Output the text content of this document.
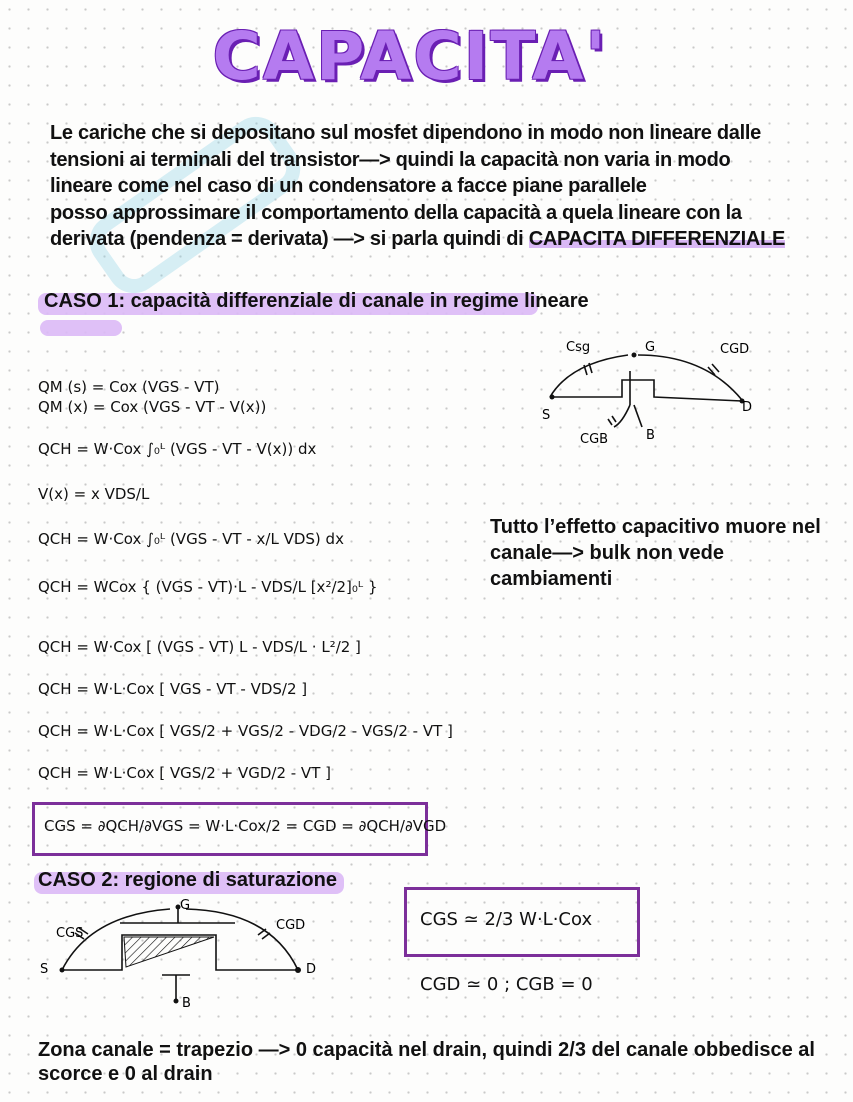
CAPACITA'

Le cariche che si depositano sul mosfet dipendono in modo non lineare dalle

tensioni ai terminali del transistor—> quindi la capacità non varia in modo

lineare come nel caso di un condensatore a facce piane parallele

posso approssimare il comportamento della capacità a quela lineare con la

derivata (pendenza = derivata) —> si parla quindi di CAPACITA DIFFERENZIALE

CASO 1: capacità differenziale di canale in regime lineare
Csg	G	CGD
S
D
CGB	B
QM (s) = Cox (VGS - VT)
QM (x) = Cox (VGS - VT - V(x))
QCH = W·Cox ∫₀ᴸ (VGS - VT - V(x)) dx
V(x) = x VDS/L
QCH = W·Cox ∫₀ᴸ (VGS - VT - x/L VDS) dx
QCH = WCox { (VGS - VT)·L - VDS/L [x²/2]₀ᴸ }
QCH = W·Cox [ (VGS - VT) L - VDS/L · L²/2 ]
QCH = W·L·Cox [ VGS - VT - VDS/2 ]
QCH = W·L·Cox [ VGS/2 + VGS/2 - VDG/2 - VGS/2 - VT ]
QCH = W·L·Cox [ VGS/2 + VGD/2 - VT ]
CGS = ∂QCH/∂VGS = W·L·Cox/2 = CGD = ∂QCH/∂VGD

Tutto l’effetto capacitivo muore nel

canale—> bulk non vede

cambiamenti

CASO 2: regione di saturazione
CGS
G
CGD
S	D
B
CGS ≃ 2/3 W·L·Cox
CGD ≃ 0 ; CGB = 0

Zona canale = trapezio —> 0 capacità nel drain, quindi 2/3 del canale obbedisce al

scorce e 0 al drain
